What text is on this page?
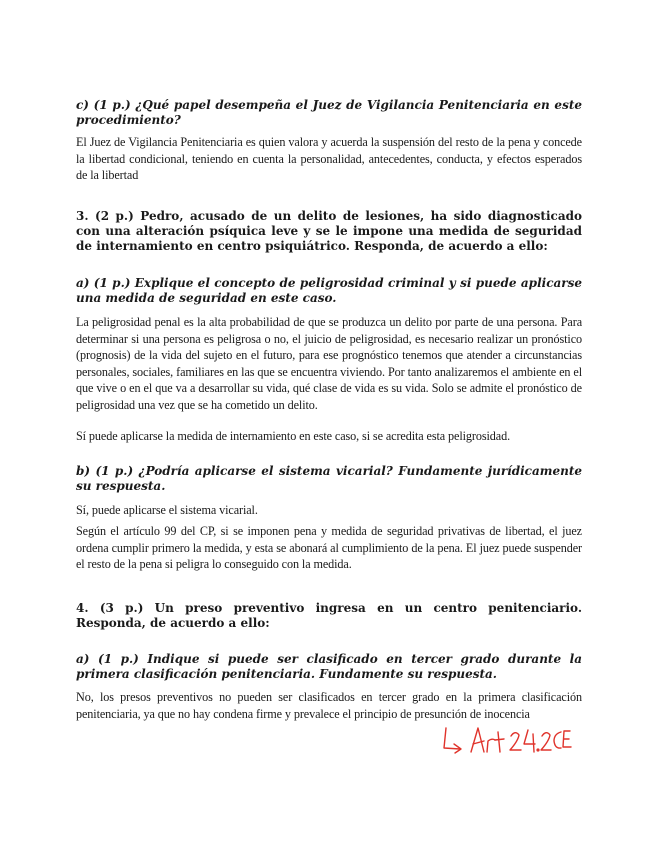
c) (1 p.) ¿Qué papel desempeña el Juez de Vigilancia Penitenciaria en este procedimiento?

El Juez de Vigilancia Penitenciaria es quien valora y acuerda la suspensión del resto de la pena y concede la libertad condicional, teniendo en cuenta la personalidad, antecedentes, conducta, y efectos esperados de la libertad

3. (2 p.) Pedro, acusado de un delito de lesiones, ha sido diagnosticado con una alteración psíquica leve y se le impone una medida de seguridad de internamiento en centro psiquiátrico. Responda, de acuerdo a ello:

a) (1 p.) Explique el concepto de peligrosidad criminal y si puede aplicarse una medida de seguridad en este caso.

La peligrosidad penal es la alta probabilidad de que se produzca un delito por parte de una persona. Para determinar si una persona es peligrosa o no, el juicio de peligrosidad, es necesario realizar un pronóstico (prognosis) de la vida del sujeto en el futuro, para ese prognóstico tenemos que atender a circunstancias personales, sociales, familiares en las que se encuentra viviendo. Por tanto analizaremos el ambiente en el que vive o en el que va a desarrollar su vida, qué clase de vida es su vida. Solo se admite el pronóstico de peligrosidad una vez que se ha cometido un delito.

Sí puede aplicarse la medida de internamiento en este caso, si se acredita esta peligrosidad.

b) (1 p.) ¿Podría aplicarse el sistema vicarial? Fundamente jurídicamente su respuesta.

Sí, puede aplicarse el sistema vicarial.

Según el artículo 99 del CP, si se imponen pena y medida de seguridad privativas de libertad, el juez ordena cumplir primero la medida, y esta se abonará al cumplimiento de la pena. El juez puede suspender el resto de la pena si peligra lo conseguido con la medida.

4. (3 p.) Un preso preventivo ingresa en un centro penitenciario. Responda, de acuerdo a ello:

a) (1 p.) Indique si puede ser clasificado en tercer grado durante la primera clasificación penitenciaria. Fundamente su respuesta.

No, los presos preventivos no pueden ser clasificados en tercer grado en la primera clasificación penitenciaria, ya que no hay condena firme y prevalece el principio de presunción de inocencia
